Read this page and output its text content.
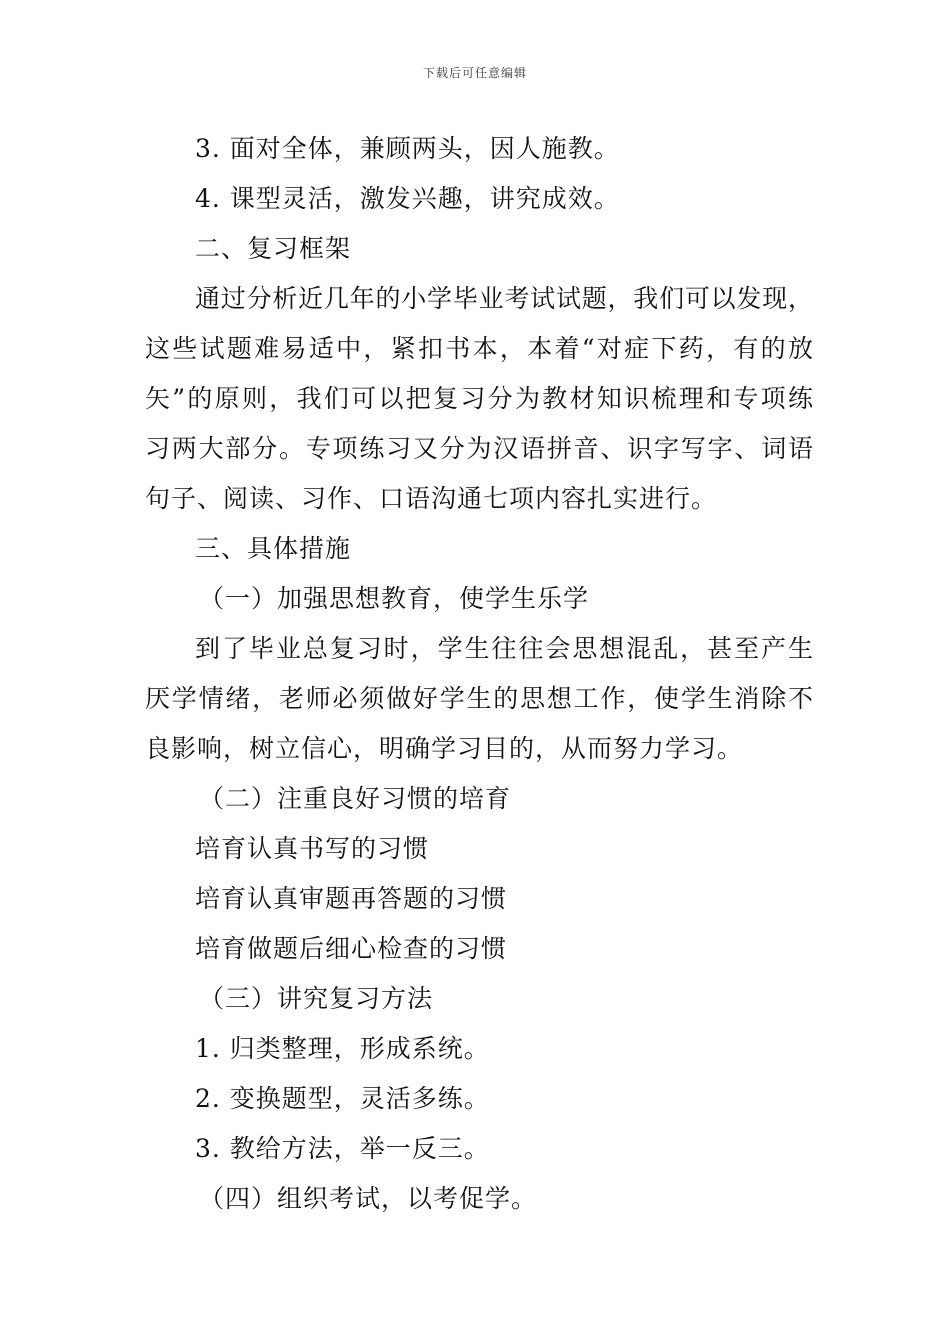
下载后可任意编辑
3. 面对全体，兼顾两头，因人施教。
4. 课型灵活，激发兴趣，讲究成效。
二、复习框架
通过分析近几年的小学毕业考试试题，我们可以发现，
这些试题难易适中，紧扣书本，本着“对症下药，有的放
矢”的原则，我们可以把复习分为教材知识梳理和专项练
习两大部分。专项练习又分为汉语拼音、识字写字、词语
句子、阅读、习作、口语沟通七项内容扎实进行。
三、具体措施
（一）加强思想教育，使学生乐学
到了毕业总复习时，学生往往会思想混乱，甚至产生
厌学情绪，老师必须做好学生的思想工作，使学生消除不
良影响，树立信心，明确学习目的，从而努力学习。
（二）注重良好习惯的培育
培育认真书写的习惯
培育认真审题再答题的习惯
培育做题后细心检查的习惯
（三）讲究复习方法
1. 归类整理，形成系统。
2. 变换题型，灵活多练。
3. 教给方法，举一反三。
（四）组织考试，以考促学。
